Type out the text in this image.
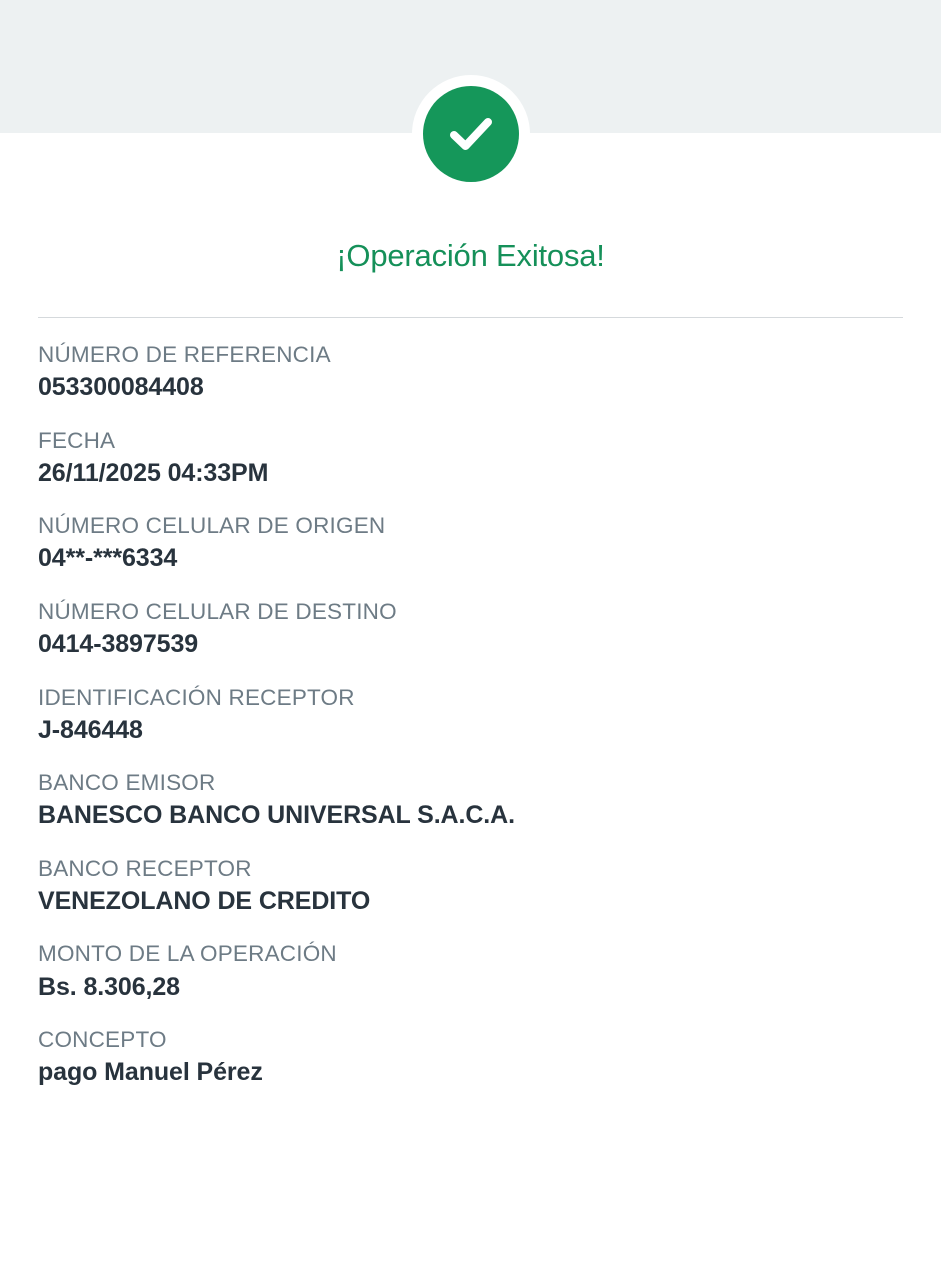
¡Operación Exitosa!
NÚMERO DE REFERENCIA
053300084408
FECHA
26/11/2025 04:33PM
NÚMERO CELULAR DE ORIGEN
04**-***6334
NÚMERO CELULAR DE DESTINO
0414-3897539
IDENTIFICACIÓN RECEPTOR
J-846448
BANCO EMISOR
BANESCO BANCO UNIVERSAL S.A.C.A.
BANCO RECEPTOR
VENEZOLANO DE CREDITO
MONTO DE LA OPERACIÓN
Bs. 8.306,28
CONCEPTO
pago Manuel Pérez
